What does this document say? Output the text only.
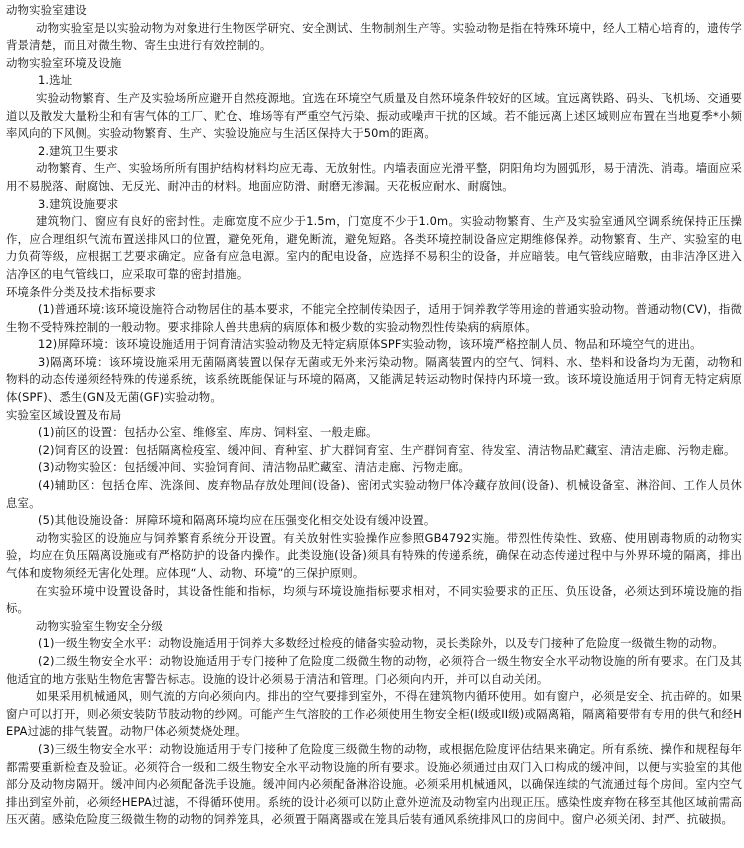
动物实验室建设

动物实验室是以实验动物为对象进行生物医学研究、安全测试、生物制剂生产等。实验动物是指在特殊环境中，经人工精心培育的，遗传学背景清楚，而且对微生物、寄生虫进行有效控制的。

动物实验室环境及设施

1.选址

实验动物繁育、生产及实验场所应避开自然疫源地。宜选在环境空气质量及自然环境条件较好的区域。宜远离铁路、码头、飞机场、交通要道以及散发大量粉尘和有害气体的工厂、贮仓、堆场等有严重空气污染、振动或噪声干扰的区域。若不能远离上述区域则应布置在当地夏季*小频率风向的下风侧。实验动物繁育、生产、实验设施应与生活区保持大于50m的距离。

2.建筑卫生要求

动物繁育、生产、实验场所所有围护结构材料均应无毒、无放射性。内墙表面应光滑平整，阴阳角均为圆弧形，易于清洗、消毒。墙面应采用不易脱落、耐腐蚀、无反光、耐冲击的材料。地面应防滑、耐磨无渗漏。天花板应耐水、耐腐蚀。

3.建筑设施要求

建筑物门、窗应有良好的密封性。走廊宽度不应少于1.5m，门宽度不少于1.0m。实验动物繁育、生产及实验室通风空调系统保持正压操作，应合理组织气流布置送排风口的位置，避免死角，避免断流，避免短路。各类环境控制设备应定期维修保养。动物繁育、生产、实验室的电力负荷等级，应根据工艺要求确定。应备有应急电源。室内的配电设备，应选择不易积尘的设备，并应暗装。电气管线应暗敷，由非洁净区进入洁净区的电气管线口，应采取可靠的密封措施。

环境条件分类及技术指标要求

(1)普通环境:该环境设施符合动物居住的基本要求，不能完全控制传染因子，适用于饲养教学等用途的普通实验动物。普通动物(CV)，指微生物不受特殊控制的一般动物。要求排除人兽共患病的病原体和极少数的实验动物烈性传染病的病原体。

12)屏障环境：该环境设施适用于饲育清洁实验动物及无特定病原体SPF实验动物，该环境严格控制人员、物品和环境空气的进出。

3)隔离环境：该环境设施采用无菌隔离装置以保存无菌或无外来污染动物。隔离装置内的空气、饲料、水、垫料和设备均为无菌，动物和物料的动态传递须经特殊的传递系统，该系统既能保证与环境的隔离，又能满足转运动物时保持内环境一致。该环境设施适用于饲育无特定病原体(SPF)、悉生(GN及无菌(GF)实验动物。

实验室区域设置及布局

(1)前区的设置：包括办公室、维修室、库房、饲料室、一般走廊。

(2)饲育区的设置：包括隔离检疫室、缓冲间、育种室、扩大群饲育室、生产群饲育室、待发室、清洁物品贮藏室、清洁走廊、污物走廊。

(3)动物实验区：包括缓冲间、实验饲育间、清洁物品贮藏室、清洁走廊、污物走廊。

(4)辅助区：包括仓库、洗涤间、废弃物品存放处理间(设备)、密闭式实验动物尸体冷藏存放间(设备)、机械设备室、淋浴间、工作人员休息室。

(5)其他设施设备：屏障环境和隔离环境均应在压强变化相交处设有缓冲设置。

动物实验区的设施应与饲养繁育系统分开设置。有关放射性实验操作应参照GB4792实施。带烈性传染性、致癌、使用剧毒物质的动物实验，均应在负压隔离设施或有严格防护的设备内操作。此类设施(设备)须具有特殊的传递系统，确保在动态传递过程中与外界环境的隔离，排出气体和废物须经无害化处理。应体现“人、动物、环境”的三保护原则。

在实验环境中设置设备时，其设备性能和指标，均须与环境设施指标要求相对，不同实验要求的正压、负压设备，必须达到环境设施的指标。

动物实验室生物安全分级

(1)一级生物安全水平：动物设施适用于饲养大多数经过检疫的储备实验动物，灵长类除外，以及专门接种了危险度一级微生物的动物。

(2)二级生物安全水平：动物设施适用于专门接种了危险度二级微生物的动物，必须符合一级生物安全水平动物设施的所有要求。在门及其他适宜的地方张贴生物危害警告标志。设施的设计必须易于清洁和管理。门必须向内开，并可以自动关闭。

如果采用机械通风，则气流的方向必须向内。排出的空气要排到室外，不得在建筑物内循环使用。如有窗户，必须是安全、抗击碎的。如果窗户可以打开，则必须安装防节肢动物的纱网。可能产生气溶胶的工作必须使用生物安全柜(I级或II级)或隔离箱，隔离箱要带有专用的供气和经HEPA过滤的排气装置。动物尸体必须焚烧处理。

(3)三级生物安全水平：动物设施适用于专门接种了危险度三级微生物的动物，或根据危险度评估结果来确定。所有系统、操作和规程每年都需要重新检查及验证。必须符合一级和二级生物安全水平动物设施的所有要求。设施必须通过由双门入口构成的缓冲间，以便与实验室的其他部分及动物房隔开。缓冲间内必须配备洗手设施。缓冲间内必须配备淋浴设施。必须采用机械通风，以确保连续的气流通过每个房间。室内空气排出到室外前，必须经HEPA过滤，不得循环使用。系统的设计必须可以防止意外逆流及动物室内出现正压。感染性废弃物在移至其他区域前需高压灭菌。感染危险度三级微生物的动物的饲养笼具，必须置于隔离器或在笼具后装有通风系统排风口的房间中。窗户必须关闭、封严、抗破损。
